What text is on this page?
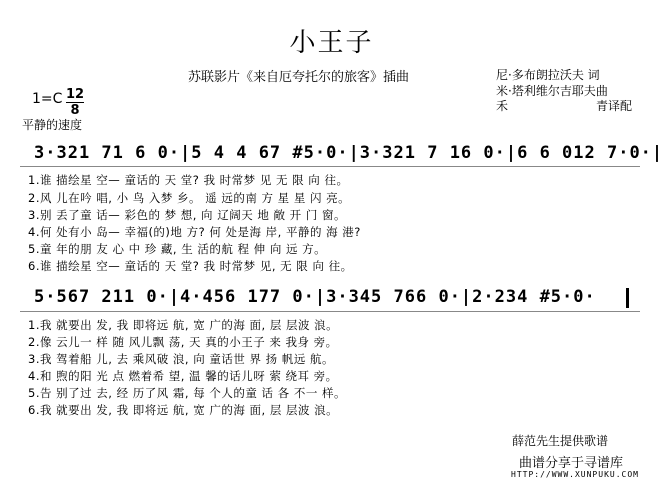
小王子
苏联影片《来自厄夸托尔的旅客》插曲	尼·多布朗拉沃夫 词
米·塔利维尔吉耶夫曲
禾	青译配
1=C 12
8
平静的速度
3·321 71 6 0·|5 4 4 67 #5·0·|3·321 7 16 0·|6 6 012 7·0·|
1.谁 描绘星 空— 童话的 天 堂? 我 时常梦 见 无 限 向 往。
2.风 儿在吟 唱, 小 鸟 入梦 乡。 遥 远的南 方 星 星 闪 亮。
3.别 丢了童 话— 彩色的 梦 想, 向 辽阔天 地 敞 开 门 窗。
4.何 处有小 岛— 幸福(的)地 方? 何 处是海 岸, 平静的 海 港?
5.童 年的朋 友 心 中 珍 藏, 生 活的航 程 伸 向 远 方。
6.谁 描绘星 空— 童话的 天 堂? 我 时常梦 见, 无 限 向 往。
5·567 211 0·|4·456 177 0·|3·345 766 0·|2·234 #5·0·
1.我 就要出 发, 我 即将远 航, 宽 广的海 面, 层 层波 浪。
2.像 云儿一 样 随 风儿飘 荡, 天 真的小王子 来 我身 旁。
3.我 驾着船 儿, 去 乘风破 浪, 向 童话世 界 扬 帆远 航。
4.和 煦的阳 光 点 燃着希 望, 温 馨的话儿呀 萦 绕耳 旁。
5.告 别了过 去, 经 历了风 霜, 每 个人的童 话 各 不一 样。
6.我 就要出 发, 我 即将远 航, 宽 广的海 面, 层 层波 浪。
薛范先生提供歌谱
曲谱分享于寻谱库
HTTP://WWW.XUNPUKU.COM
